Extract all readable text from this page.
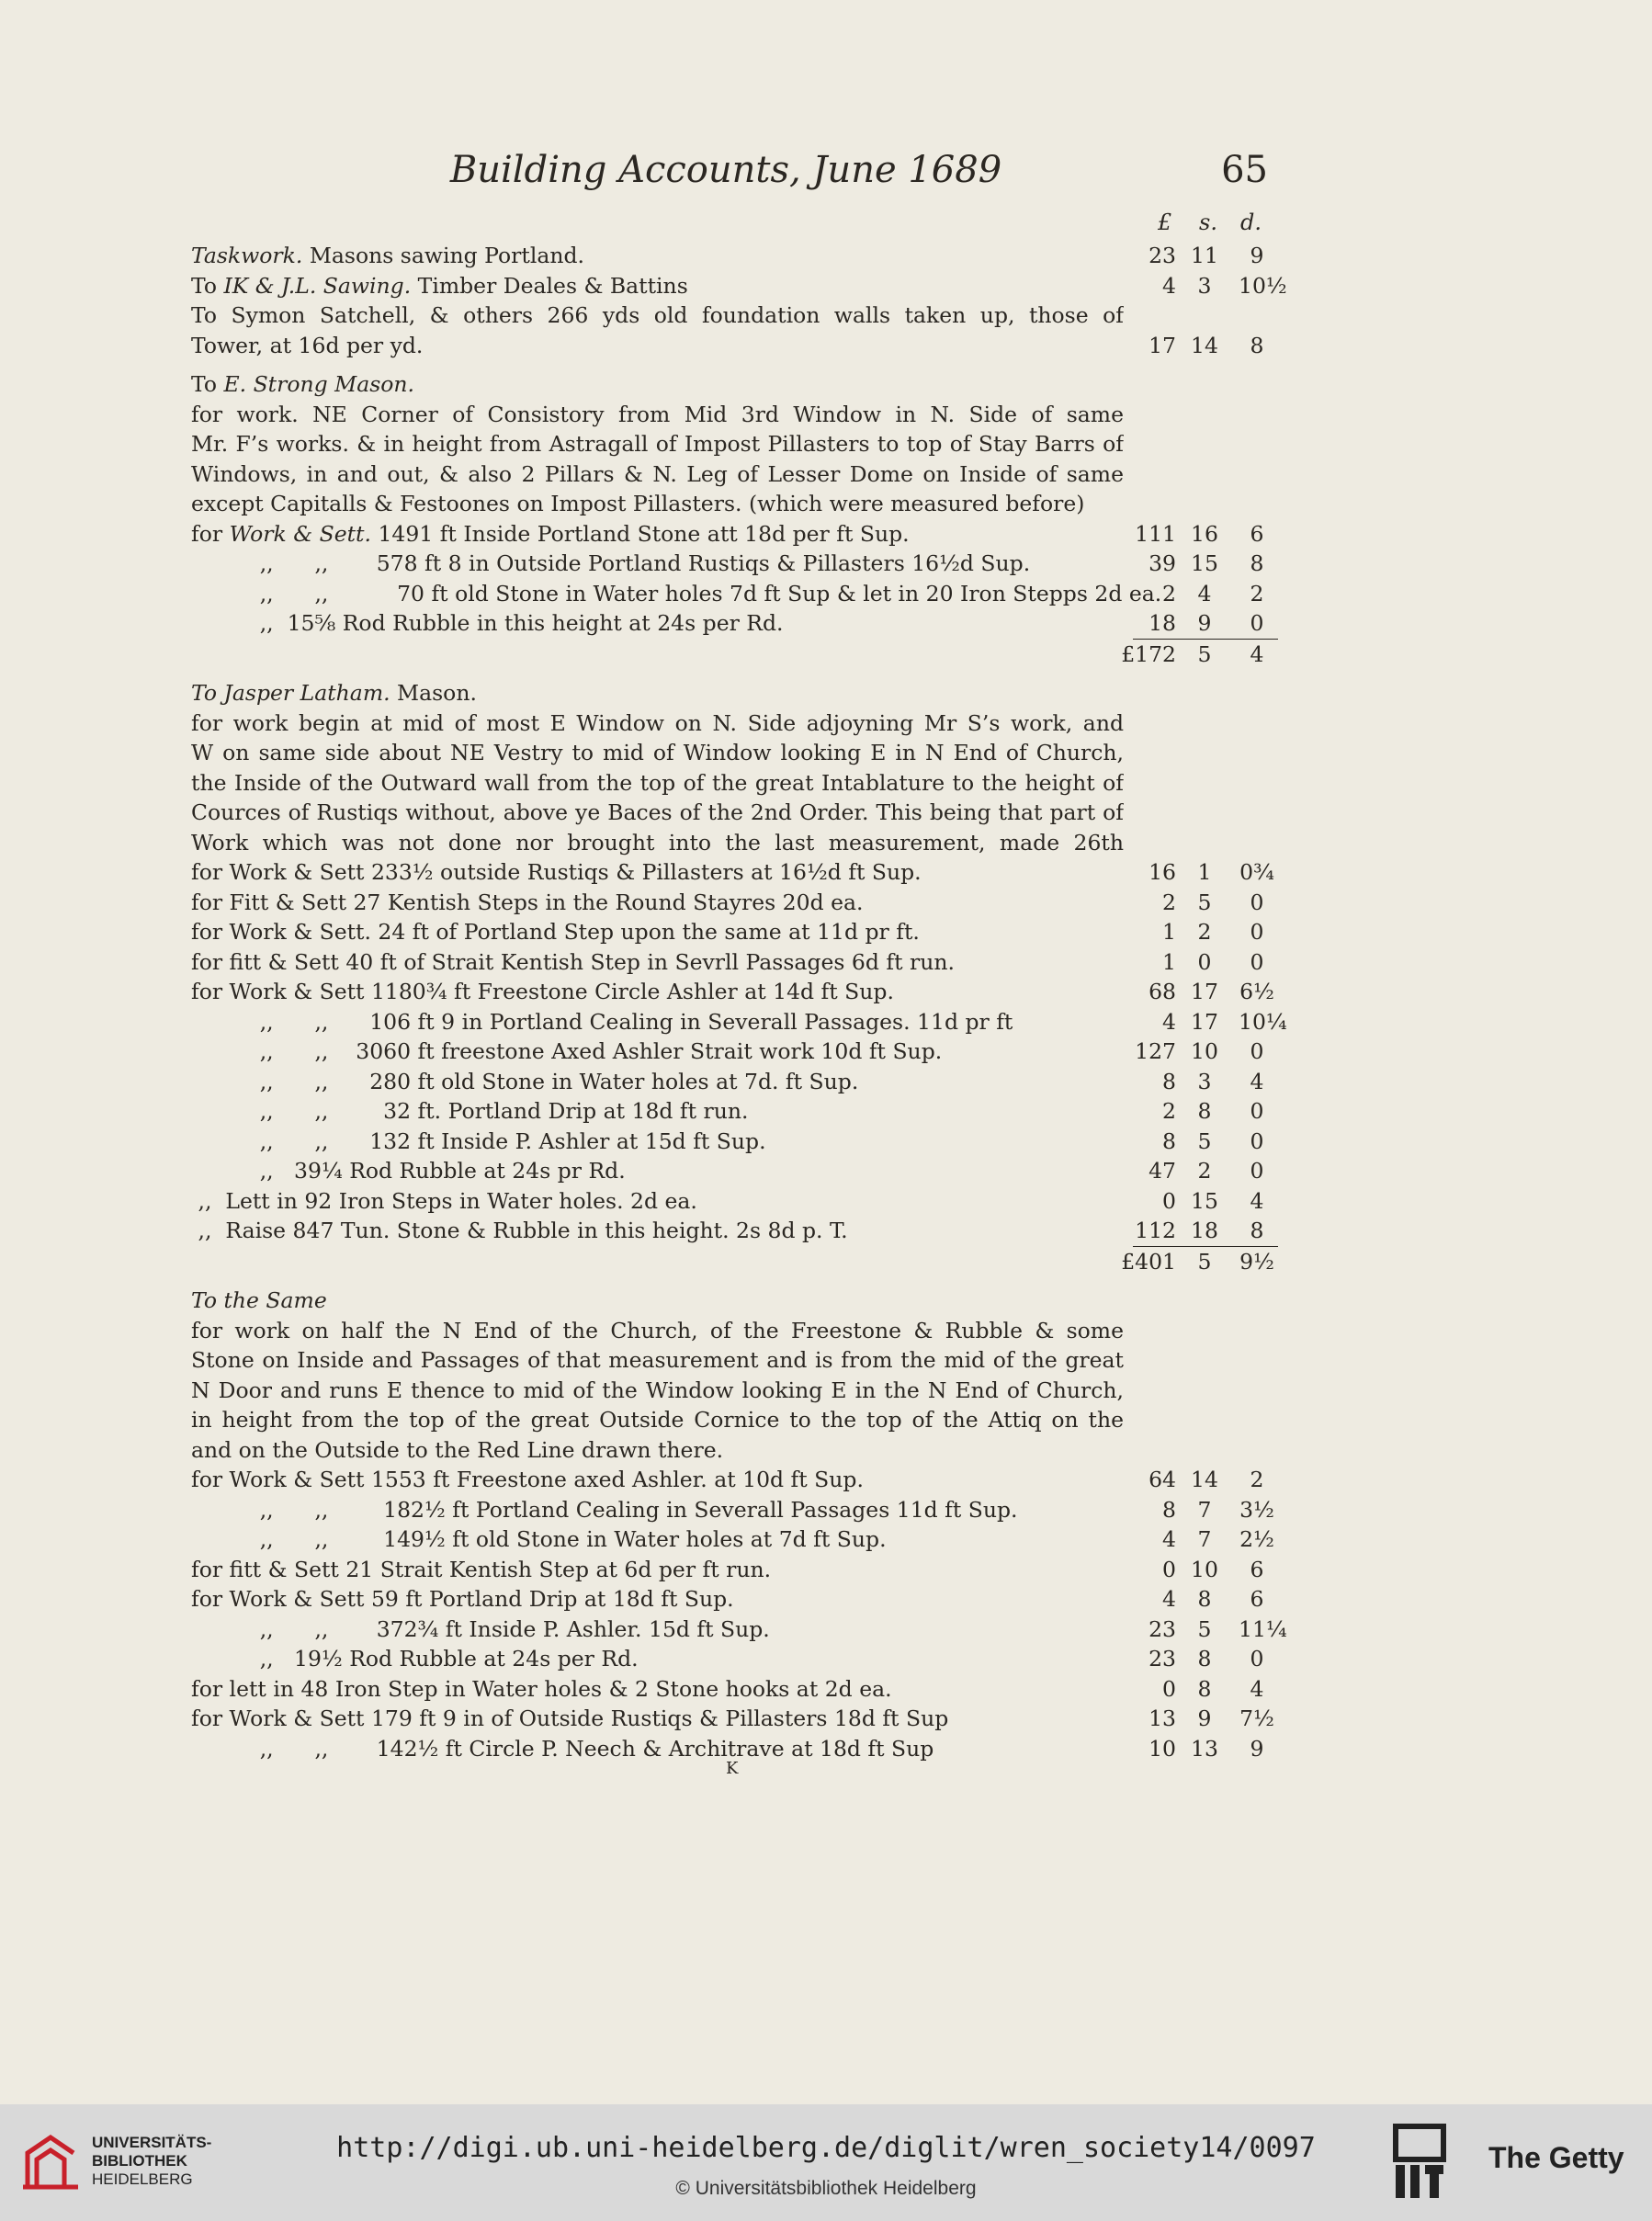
Building Accounts, June 1689	65
£ s. d.
Taskwork. Masons sawing Portland.	23 11	9
To IK & J.L. Sawing. Timber Deales & Battins	4	3	10½
To Symon Satchell, & others 266 yds old foundation walls taken up, those of
Tower, at 16d per yd.	17 14	8
To E. Strong Mason.
for work. NE Corner of Consistory from Mid 3rd Window in N. Side of same
Mr. F’s works. & in height from Astragall of Impost Pillasters to top of Stay Barrs of
Windows, in and out, & also 2 Pillars & N. Leg of Lesser Dome on Inside of same
except Capitalls & Festoones on Impost Pillasters. (which were measured before)
for Work & Sett. 1491 ft Inside Portland Stone att 18d per ft Sup.	111 16	6
,,      ,,       578 ft 8 in Outside Portland Rustiqs & Pillasters 16½d Sup.	39 15	8
,,      ,,          70 ft old Stone in Water holes 7d ft Sup & let in 20 Iron Stepps 2d ea. 2	4	2
,,  15⅝ Rod Rubble in this height at 24s per Rd.	18	9	0
£172	5	4
To Jasper Latham. Mason.
for work begin at mid of most E Window on N. Side adjoyning Mr S’s work, and
W on same side about NE Vestry to mid of Window looking E in N End of Church,
the Inside of the Outward wall from the top of the great Intablature to the height of
Cources of Rustiqs without, above ye Baces of the 2nd Order. This being that part of
Work which was not done nor brought into the last measurement, made 26th
for Work & Sett 233½ outside Rustiqs & Pillasters at 16½d ft Sup.	16	1	0¾
for Fitt & Sett 27 Kentish Steps in the Round Stayres 20d ea.	2	5	0
for Work & Sett. 24 ft of Portland Step upon the same at 11d pr ft.	1	2	0
for fitt & Sett 40 ft of Strait Kentish Step in Sevrll Passages 6d ft run.	1	0	0
for Work & Sett 1180¾ ft Freestone Circle Ashler at 14d ft Sup.	68 17 6½
,,      ,,      106 ft 9 in Portland Cealing in Severall Passages. 11d pr ft	4 17 10¼
,,      ,,    3060 ft freestone Axed Ashler Strait work 10d ft Sup.	127 10	0
,,      ,,      280 ft old Stone in Water holes at 7d. ft Sup.	8	3	4
,,      ,,        32 ft. Portland Drip at 18d ft run.	2	8	0
,,      ,,      132 ft Inside P. Ashler at 15d ft Sup.	8	5	0
,,   39¼ Rod Rubble at 24s pr Rd.	47	2	0
,,  Lett in 92 Iron Steps in Water holes. 2d ea.	0 15	4
,,  Raise 847 Tun. Stone & Rubble in this height. 2s 8d p. T.	112 18	8
£401	5	9½
To the Same
for work on half the N End of the Church, of the Freestone & Rubble & some
Stone on Inside and Passages of that measurement and is from the mid of the great
N Door and runs E thence to mid of the Window looking E in the N End of Church,
in height from the top of the great Outside Cornice to the top of the Attiq on the
and on the Outside to the Red Line drawn there.
for Work & Sett 1553 ft Freestone axed Ashler. at 10d ft Sup.	64 14	2
,,      ,,        182½ ft Portland Cealing in Severall Passages 11d ft Sup.	8	7	3½
,,      ,,        149½ ft old Stone in Water holes at 7d ft Sup.	4	7	2½
for fitt & Sett 21 Strait Kentish Step at 6d per ft run.	0 10	6
for Work & Sett 59 ft Portland Drip at 18d ft Sup.	4	8	6
,,      ,,       372¾ ft Inside P. Ashler. 15d ft Sup.	23	5	11¼
,,   19½ Rod Rubble at 24s per Rd.	23	8	0
for lett in 48 Iron Step in Water holes & 2 Stone hooks at 2d ea.	0	8	4
for Work & Sett 179 ft 9 in of Outside Rustiqs & Pillasters 18d ft Sup	13	9	7½
,,      ,,       142½ ft Circle P. Neech & Architrave at 18d ft Sup	10 13	9
K
UNIVERSITÄTS-
BIBLIOTHEK
HEIDELBERG
http://digi.ub.uni-heidelberg.de/diglit/wren_society14/0097
© Universitätsbibliothek Heidelberg
The Getty
